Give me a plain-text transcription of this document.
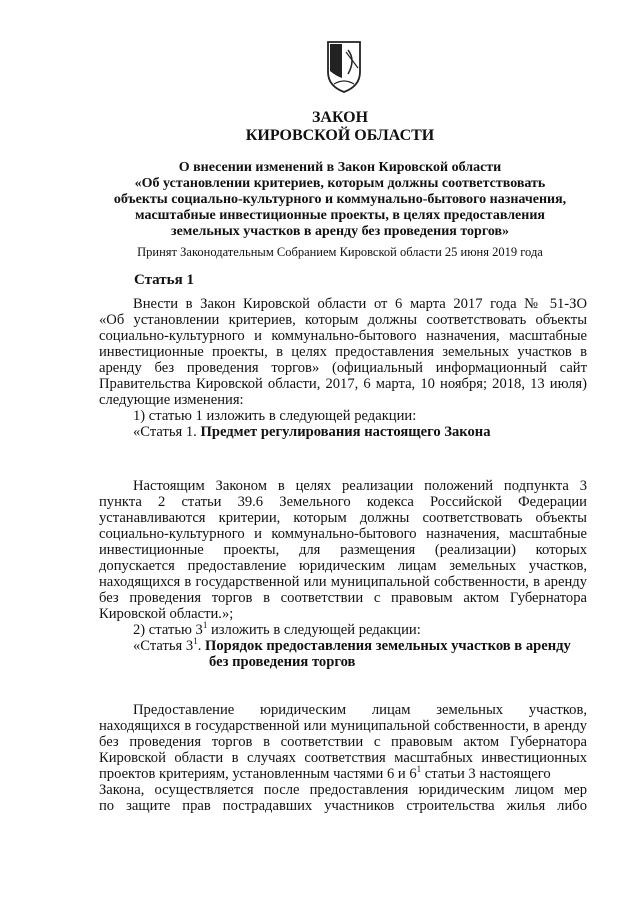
ЗАКОН
КИРОВСКОЙ ОБЛАСТИ
О внесении изменений в Закон Кировской области
«Об установлении критериев, которым должны соответствовать
объекты социально-культурного и коммунально-бытового назначения,
масштабные инвестиционные проекты, в целях предоставления
земельных участков в аренду без проведения торгов»
Принят Законодательным Собранием Кировской области 25 июня 2019 года
Статья 1
Внести в Закон Кировской области от 6 марта 2017 года № 51-ЗО
«Об установлении критериев, которым должны соответствовать объекты
социально-культурного и коммунально-бытового назначения, масштабные
инвестиционные проекты, в целях предоставления земельных участков в
аренду без проведения торгов» (официальный информационный сайт
Правительства Кировской области, 2017, 6 марта, 10 ноября; 2018, 13 июля)
следующие изменения:
1) статью 1 изложить в следующей редакции:
«Статья 1. Предмет регулирования настоящего Закона
Настоящим Законом в целях реализации положений подпункта 3
пункта 2 статьи 39.6 Земельного кодекса Российской Федерации
устанавливаются критерии, которым должны соответствовать объекты
социально-культурного и коммунально-бытового назначения, масштабные
инвестиционные проекты, для размещения (реализации) которых
допускается предоставление юридическим лицам земельных участков,
находящихся в государственной или муниципальной собственности, в аренду
без проведения торгов в соответствии с правовым актом Губернатора
Кировской области.»;
2) статью $3^1$ изложить в следующей редакции:
«Статья $3^1$. Порядок предоставления земельных участков в аренду
без проведения торгов
Предоставление юридическим лицам земельных участков,
находящихся в государственной или муниципальной собственности, в аренду
без проведения торгов в соответствии с правовым актом Губернатора
Кировской области в случаях соответствия масштабных инвестиционных
проектов критериям, установленным частями 6 и $6^1$ статьи 3 настоящего
Закона, осуществляется после предоставления юридическим лицом мер
по защите прав пострадавших участников строительства жилья либо
